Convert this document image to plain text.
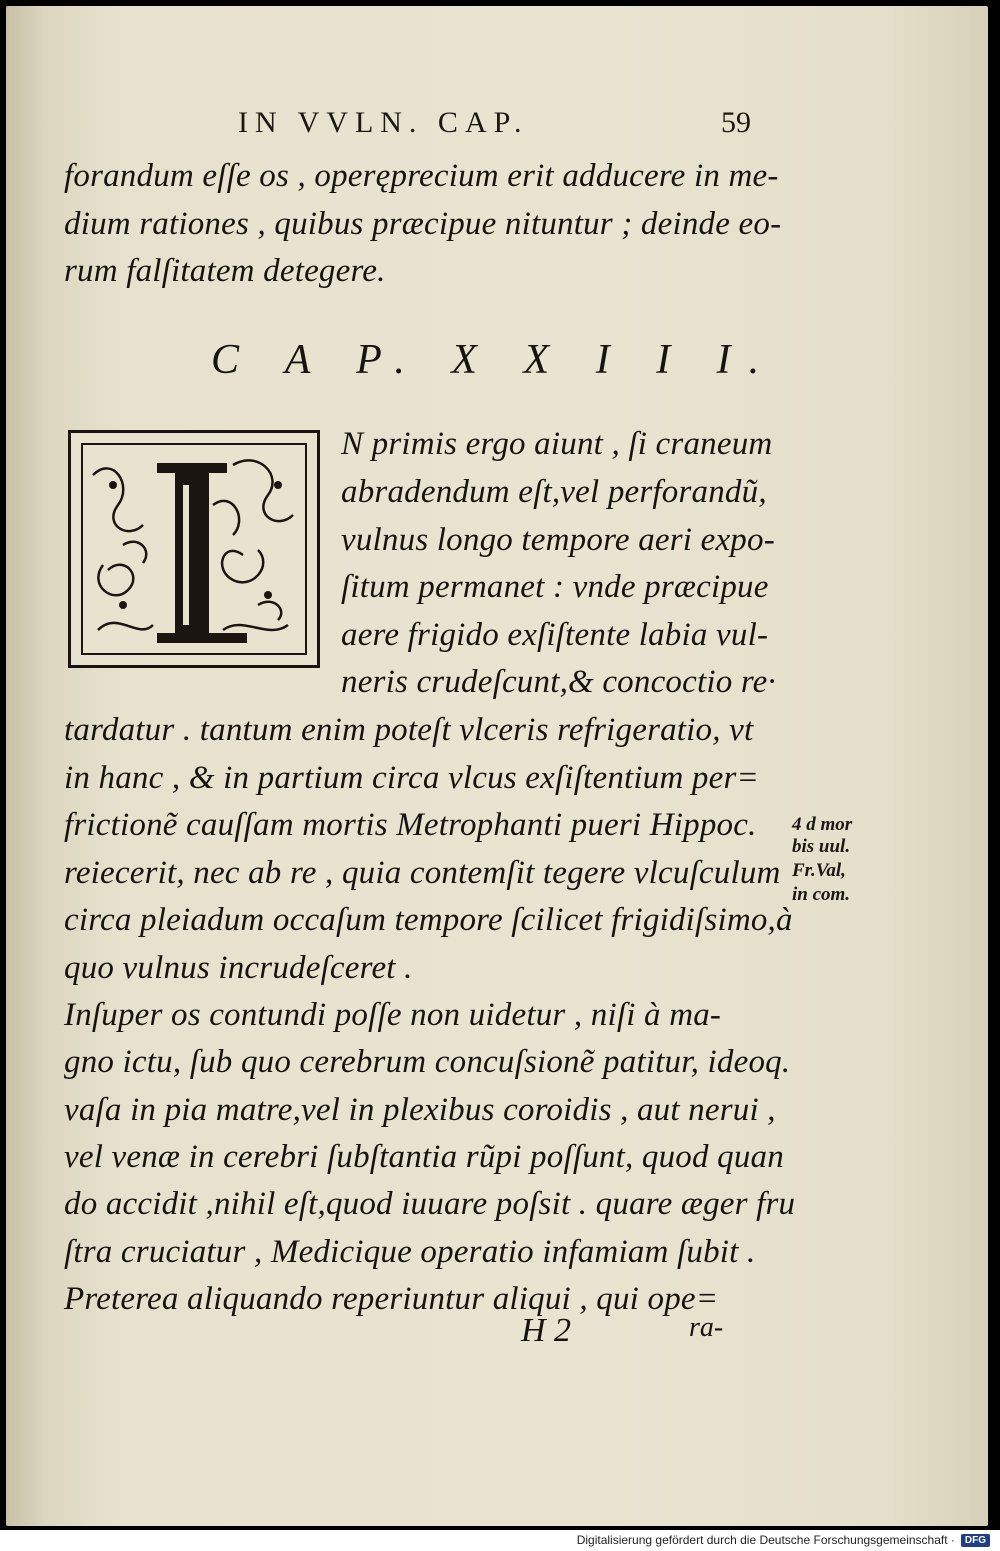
IN VVLN. CAP.	59
forandum eſſe os , operęprecium erit adducere in me-
dium rationes , quibus præcipue nituntur ; deinde eo-
rum falſitatem detegere.
C A P. X X I I I.
N primis ergo aiunt , ſi craneum
abradendum eſt,vel perforandũ,
vulnus longo tempore aeri expo-
ſitum permanet : vnde præcipue
aere frigido exſiſtente labia vul-
neris crudeſcunt,& concoctio re·
tardatur . tantum enim poteſt vlceris refrigeratio, vt
in hanc , & in partium circa vlcus exſiſtentium per=
frictionẽ cauſſam mortis Metrophanti pueri Hippoc.
reiecerit, nec ab re , quia contemſit tegere vlcuſculum
circa pleiadum occaſum tempore ſcilicet frigidiſsimo,à
quo vulnus incrudeſceret .
Inſuper os contundi poſſe non uidetur , niſi à ma-
gno ictu, ſub quo cerebrum concuſsionẽ patitur, ideoq.
vaſa in pia matre,vel in plexibus coroidis , aut nerui ,
vel venæ in cerebri ſubſtantia rũpi poſſunt, quod quan
do accidit ,nihil eſt,quod iuuare poſsit . quare æger fru
ſtra cruciatur , Medicique operatio infamiam ſubit .
Preterea aliquando reperiuntur aliqui , qui ope=
4 d mor
bis uul.
Fr.Val,
in com.
H 2	ra-
Digitalisierung gefördert durch die Deutsche Forschungsgemeinschaft ·	DFG
